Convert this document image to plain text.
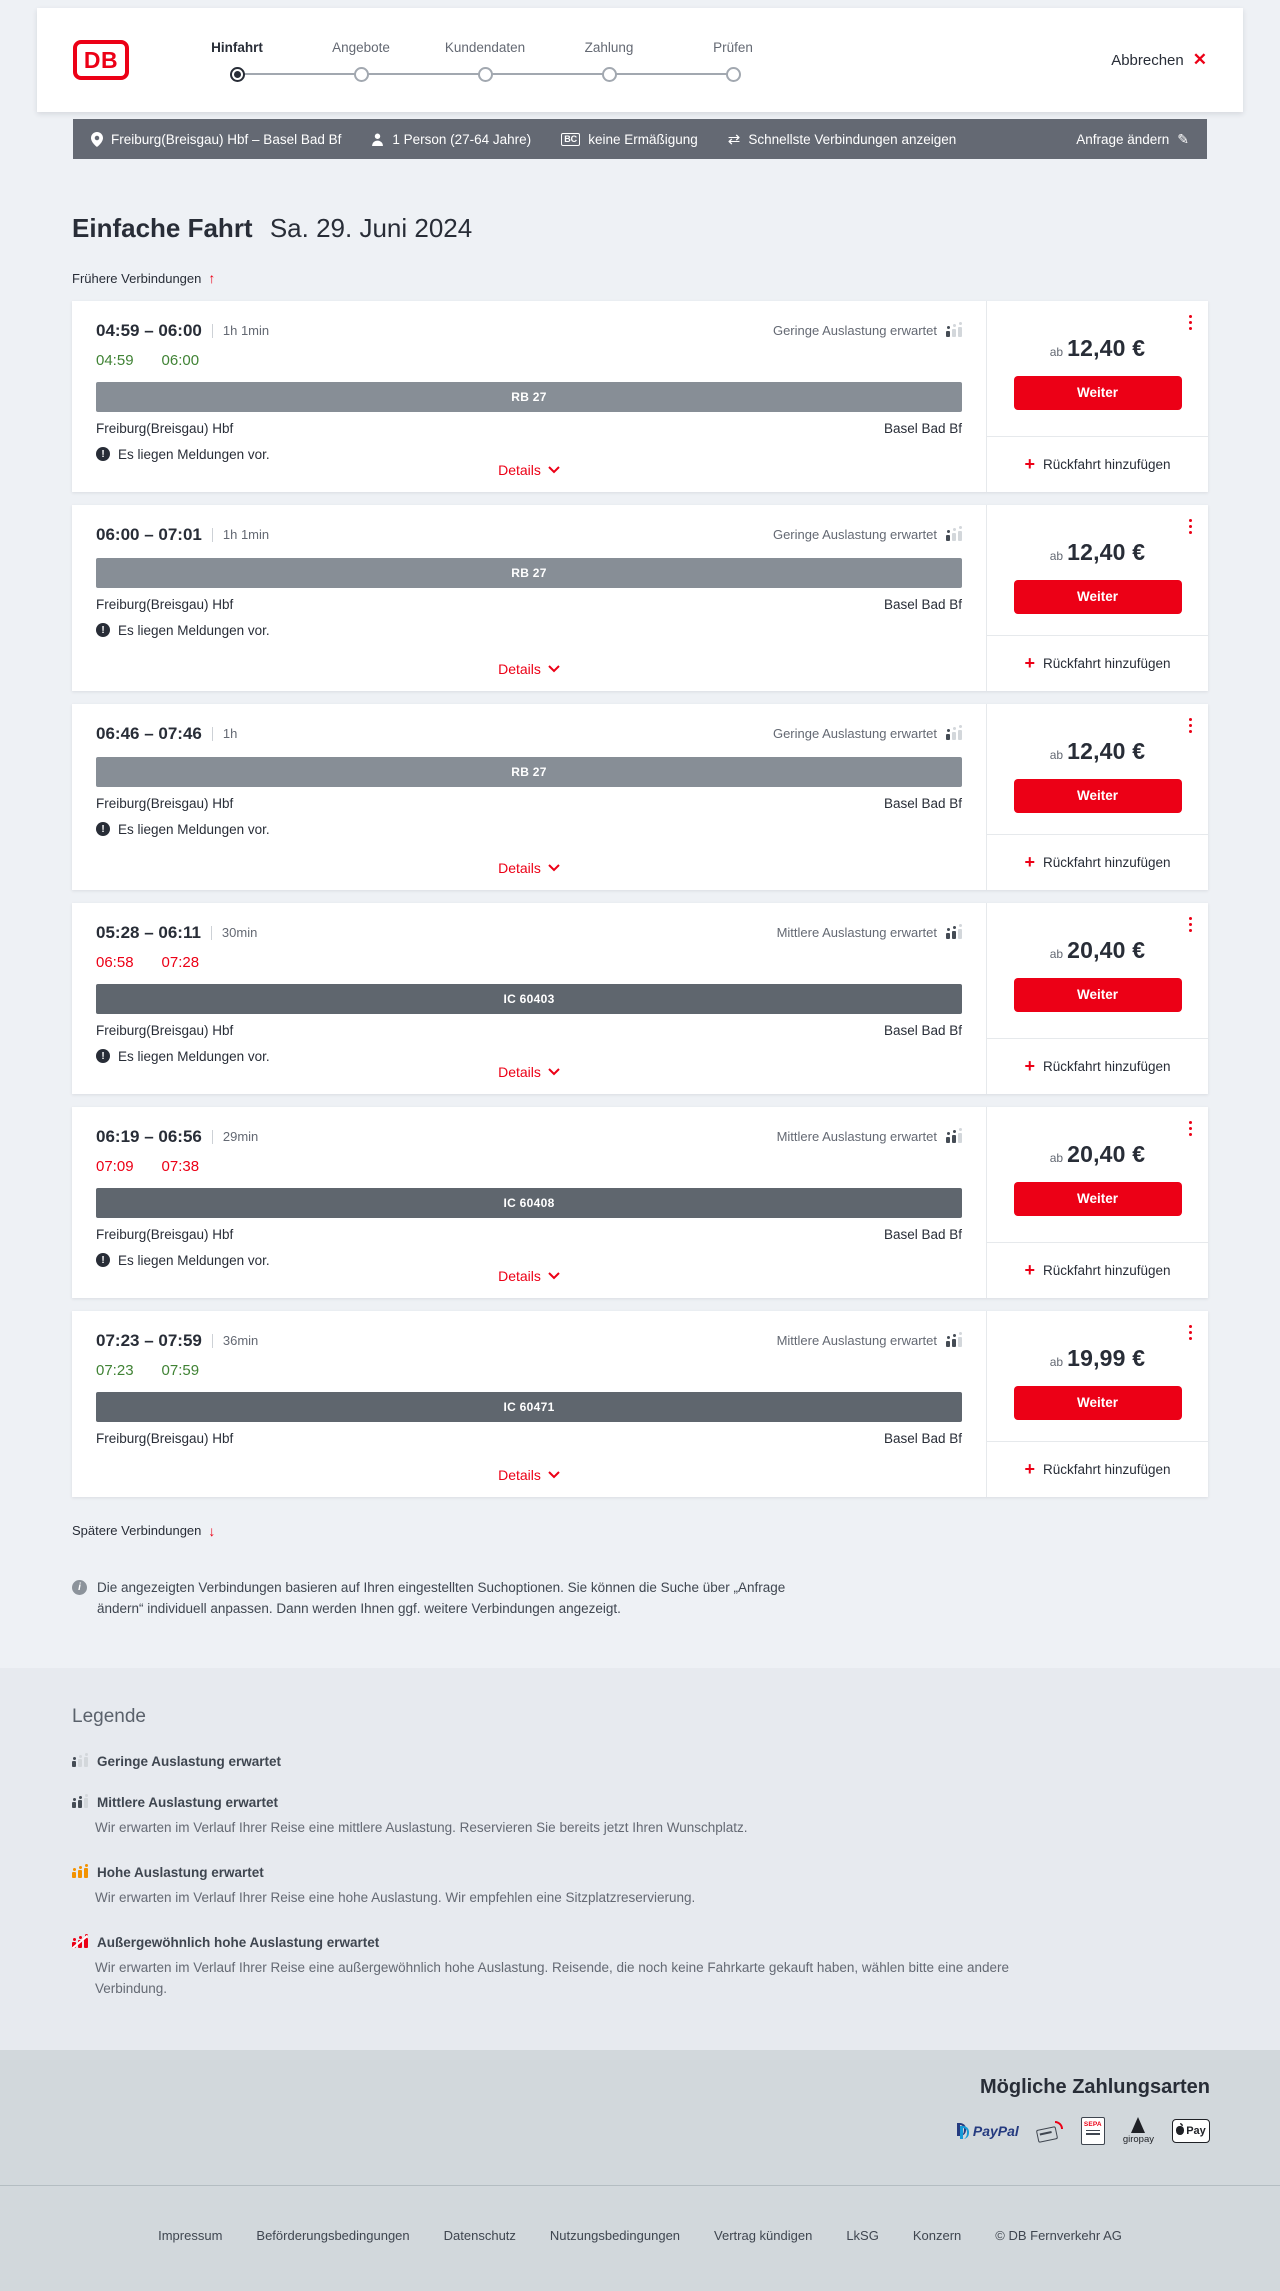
DB	Hinfahrt	Angebote	Kundendaten	Zahlung	Prüfen
Abbrechen ✕
Freiburg(Breisgau) Hbf – Basel Bad Bf	1 Person (27-64 Jahre)	BC keine Ermäßigung ⇄ Schnellste Verbindungen anzeigen	Anfrage ändern ✎
Einfache Fahrt Sa. 29. Juni 2024
Frühere Verbindungen ↑
04:59 – 06:00 1h 1min	Geringe Auslastung erwartet
04:59 06:00
RB 27
Freiburg(Breisgau) Hbf	Basel Bad Bf
! Es liegen Meldungen vor.
Details
ab 12,40 €
Weiter
+ Rückfahrt hinzufügen
06:00 – 07:01 1h 1min	Geringe Auslastung erwartet
RB 27
Freiburg(Breisgau) Hbf	Basel Bad Bf
! Es liegen Meldungen vor.
Details
ab 12,40 €
Weiter
+ Rückfahrt hinzufügen
06:46 – 07:46 1h	Geringe Auslastung erwartet
RB 27
Freiburg(Breisgau) Hbf	Basel Bad Bf
! Es liegen Meldungen vor.
Details
ab 12,40 €
Weiter
+ Rückfahrt hinzufügen
05:28 – 06:11 30min	Mittlere Auslastung erwartet
06:58 07:28
IC 60403
Freiburg(Breisgau) Hbf	Basel Bad Bf
! Es liegen Meldungen vor.
Details
ab 20,40 €
Weiter
+ Rückfahrt hinzufügen
06:19 – 06:56 29min	Mittlere Auslastung erwartet
07:09 07:38
IC 60408
Freiburg(Breisgau) Hbf	Basel Bad Bf
! Es liegen Meldungen vor.
Details
ab 20,40 €
Weiter
+ Rückfahrt hinzufügen
07:23 – 07:59 36min	Mittlere Auslastung erwartet
07:23 07:59
IC 60471
Freiburg(Breisgau) Hbf	Basel Bad Bf
Details
ab 19,99 €
Weiter
+ Rückfahrt hinzufügen
Spätere Verbindungen ↓
i	Die angezeigten Verbindungen basieren auf Ihren eingestellten Suchoptionen. Sie können die Suche über „Anfrage ändern“ individuell anpassen. Dann werden Ihnen ggf. weitere Verbindungen angezeigt.

Legende
Geringe Auslastung erwartet
Mittlere Auslastung erwartet

Wir erwarten im Verlauf Ihrer Reise eine mittlere Auslastung. Reservieren Sie bereits jetzt Ihren Wunschplatz.

Hohe Auslastung erwartet

Wir erwarten im Verlauf Ihrer Reise eine hohe Auslastung. Wir empfehlen eine Sitzplatzreservierung.

Außergewöhnlich hohe Auslastung erwartet

Wir erwarten im Verlauf Ihrer Reise eine außergewöhnlich hohe Auslastung. Reisende, die noch keine Fahrkarte gekauft haben, wählen bitte eine andere Verbindung.

Mögliche Zahlungsarten
PayPal	SEPA
giropay
Pay
Impressum	Beförderungsbedingungen	Datenschutz	Nutzungsbedingungen	Vertrag kündigen	LkSG	Konzern	© DB Fernverkehr AG
